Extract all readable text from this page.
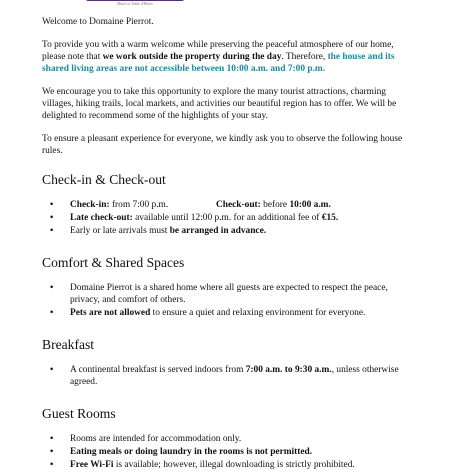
Hôtel et Table d'Hôtes

Welcome to Domaine Pierrot.

To provide you with a warm welcome while preserving the peaceful atmosphere of our home, please note that we work outside the property during the day. Therefore, the house and its shared living areas are not accessible between 10:00 a.m. and 7:00 p.m.

We encourage you to take this opportunity to explore the many tourist attractions, charming villages, hiking trails, local markets, and activities our beautiful region has to offer. We will be delighted to recommend some of the highlights of your stay.

To ensure a pleasant experience for everyone, we kindly ask you to observe the following house rules.

Check-in & Check-out
• Check-in: from 7:00 p.m.	Check-out: before 10:00 a.m.
• Late check-out: available until 12:00 p.m. for an additional fee of €15.
• Early or late arrivals must be arranged in advance.
Comfort & Shared Spaces
• Domaine Pierrot is a shared home where all guests are expected to respect the peace, privacy, and comfort of others.
• Pets are not allowed to ensure a quiet and relaxing environment for everyone.
Breakfast
• A continental breakfast is served indoors from 7:00 a.m. to 9:30 a.m., unless otherwise agreed.
Guest Rooms
• Rooms are intended for accommodation only.
• Eating meals or doing laundry in the rooms is not permitted.
• Free Wi-Fi is available; however, illegal downloading is strictly prohibited.
